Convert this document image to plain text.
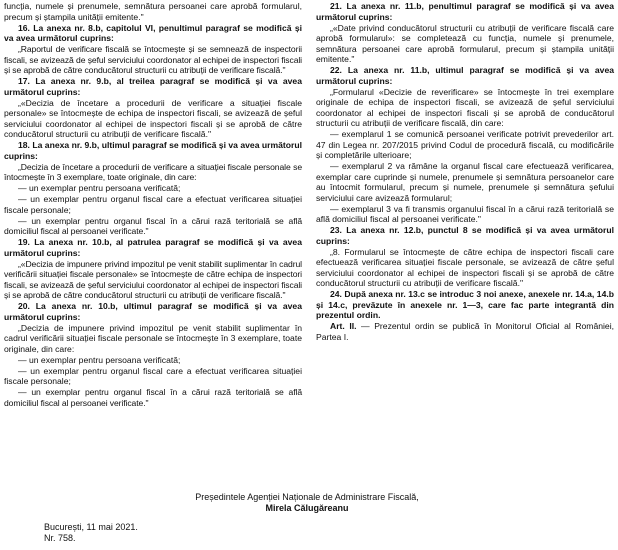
funcția, numele și prenumele, semnătura persoanei care aprobă formularul, precum și ștampila unității emitente."

16. La anexa nr. 8.b, capitolul VI, penultimul paragraf se modifică și va avea următorul cuprins:

„Raportul de verificare fiscală se întocmește și se semnează de inspectorii fiscali, se avizează de șeful serviciului coordonator al echipei de inspectori fiscali și se aprobă de către conducătorul structurii cu atribuții de verificare fiscală."

17. La anexa nr. 9.b, al treilea paragraf se modifică și va avea următorul cuprins:

„«Decizia de încetare a procedurii de verificare a situației fiscale personale» se întocmește de echipa de inspectori fiscali, se avizează de șeful serviciului coordonator al echipei de inspectori fiscali și se aprobă de către conducătorul structurii cu atribuții de verificare fiscală."

18. La anexa nr. 9.b, ultimul paragraf se modifică și va avea următorul cuprins:

„Decizia de încetare a procedurii de verificare a situației fiscale personale se întocmește în 3 exemplare, toate originale, din care:

— un exemplar pentru persoana verificată;

— un exemplar pentru organul fiscal care a efectuat verificarea situației fiscale personale;

— un exemplar pentru organul fiscal în a cărui rază teritorială se află domiciliul fiscal al persoanei verificate."

19. La anexa nr. 10.b, al patrulea paragraf se modifică și va avea următorul cuprins:

„«Decizia de impunere privind impozitul pe venit stabilit suplimentar în cadrul verificării situației fiscale personale» se întocmește de către echipa de inspectori fiscali, se avizează de șeful serviciului coordonator al echipei de inspectori fiscali și se aprobă de către conducătorul structurii cu atribuții de verificare fiscală."

20. La anexa nr. 10.b, ultimul paragraf se modifică și va avea următorul cuprins:

„Decizia de impunere privind impozitul pe venit stabilit suplimentar în cadrul verificării situației fiscale personale se întocmește în 3 exemplare, toate originale, din care:

— un exemplar pentru persoana verificată;

— un exemplar pentru organul fiscal care a efectuat verificarea situației fiscale personale;

— un exemplar pentru organul fiscal în a cărui rază teritorială se află domiciliul fiscal al persoanei verificate."

21. La anexa nr. 11.b, penultimul paragraf se modifică și va avea următorul cuprins:

„«Date privind conducătorul structurii cu atribuții de verificare fiscală care aprobă formularul»: se completează cu funcția, numele și prenumele, semnătura persoanei care aprobă formularul, precum și ștampila unității emitente."

22. La anexa nr. 11.b, ultimul paragraf se modifică și va avea următorul cuprins:

„Formularul «Decizie de reverificare» se întocmește în trei exemplare originale de echipa de inspectori fiscali, se avizează de șeful serviciului coordonator al echipei de inspectori fiscali și se aprobă de conducătorul structurii cu atribuții de verificare fiscală, din care:

— exemplarul 1 se comunică persoanei verificate potrivit prevederilor art. 47 din Legea nr. 207/2015 privind Codul de procedură fiscală, cu modificările și completările ulterioare;

— exemplarul 2 va rămâne la organul fiscal care efectuează verificarea, exemplar care cuprinde și numele, prenumele și semnătura persoanelor care au întocmit formularul, precum și numele, prenumele și semnătura șefului serviciului care avizează formularul;

— exemplarul 3 va fi transmis organului fiscal în a cărui rază teritorială se află domiciliul fiscal al persoanei verificate."

23. La anexa nr. 12.b, punctul 8 se modifică și va avea următorul cuprins:

„8. Formularul se întocmește de către echipa de inspectori fiscali care efectuează verificarea situației fiscale personale, se avizează de către șeful serviciului coordonator al echipei de inspectori fiscali și se aprobă de către conducătorul structurii cu atribuții de verificare fiscală."

24. După anexa nr. 13.c se introduc 3 noi anexe, anexele nr. 14.a, 14.b și 14.c, prevăzute în anexele nr. 1—3, care fac parte integrantă din prezentul ordin.

Art. II. — Prezentul ordin se publică în Monitorul Oficial al României, Partea I.

Președintele Agenției Naționale de Administrare Fiscală,
Mirela Călugăreanu
București, 11 mai 2021.
Nr. 758.
